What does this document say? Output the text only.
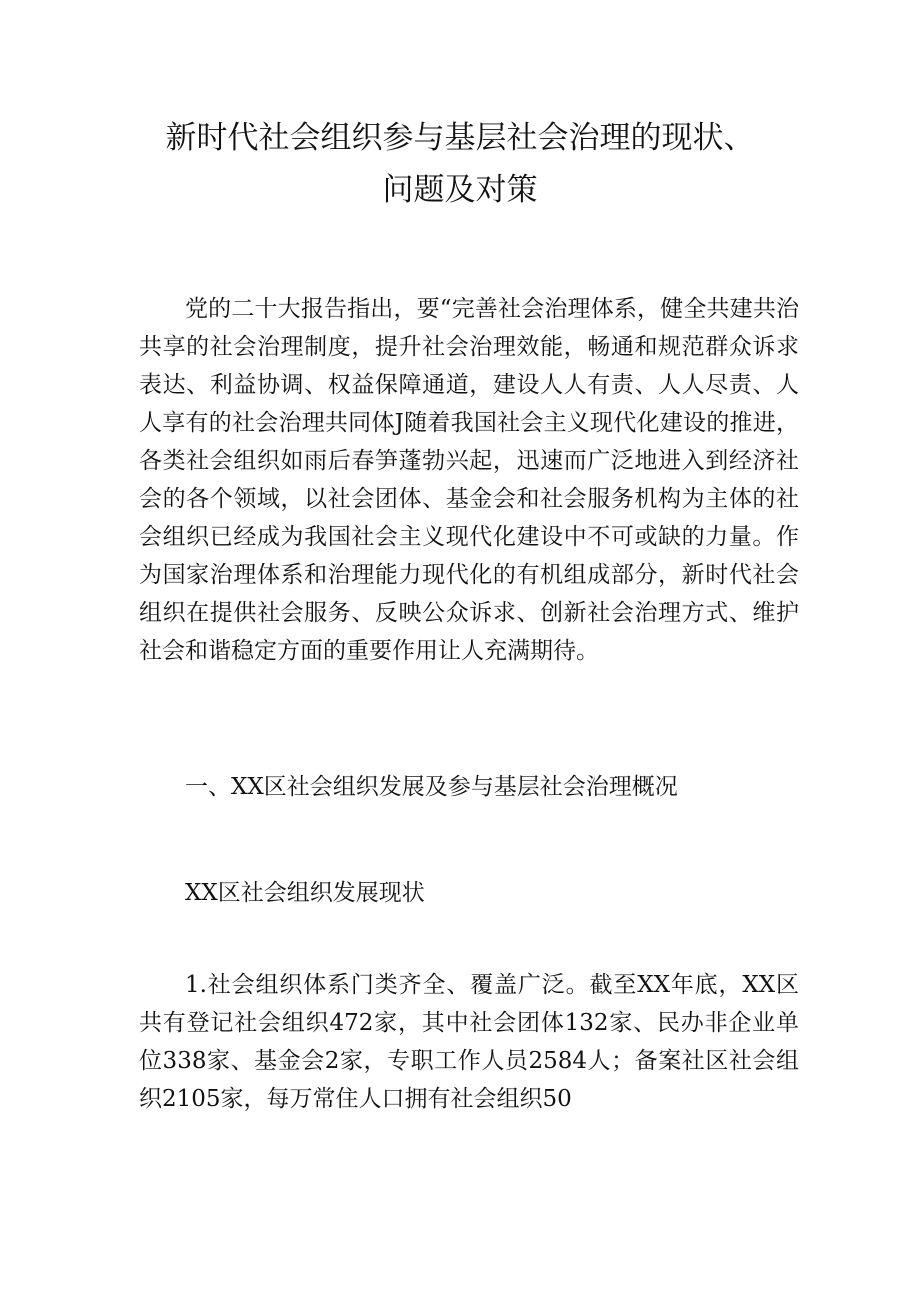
新时代社会组织参与基层社会治理的现状、
问题及对策

党的二十大报告指出，要“完善社会治理体系，健全共建共治共享的社会治理制度，提升社会治理效能，畅通和规范群众诉求表达、利益协调、权益保障通道，建设人人有责、人人尽责、人人享有的社会治理共同体J随着我国社会主义现代化建设的推进，各类社会组织如雨后春笋蓬勃兴起，迅速而广泛地进入到经济社会的各个领域，以社会团体、基金会和社会服务机构为主体的社会组织已经成为我国社会主义现代化建设中不可或缺的力量。作为国家治理体系和治理能力现代化的有机组成部分，新时代社会组织在提供社会服务、反映公众诉求、创新社会治理方式、维护社会和谐稳定方面的重要作用让人充满期待。

一、XX区社会组织发展及参与基层社会治理概况

XX区社会组织发展现状

1.社会组织体系门类齐全、覆盖广泛。截至XX年底，XX区共有登记社会组织472家，其中社会团体132家、民办非企业单位338家、基金会2家，专职工作人员2584人；备案社区社会组织2105家，每万常住人口拥有社会组织50
